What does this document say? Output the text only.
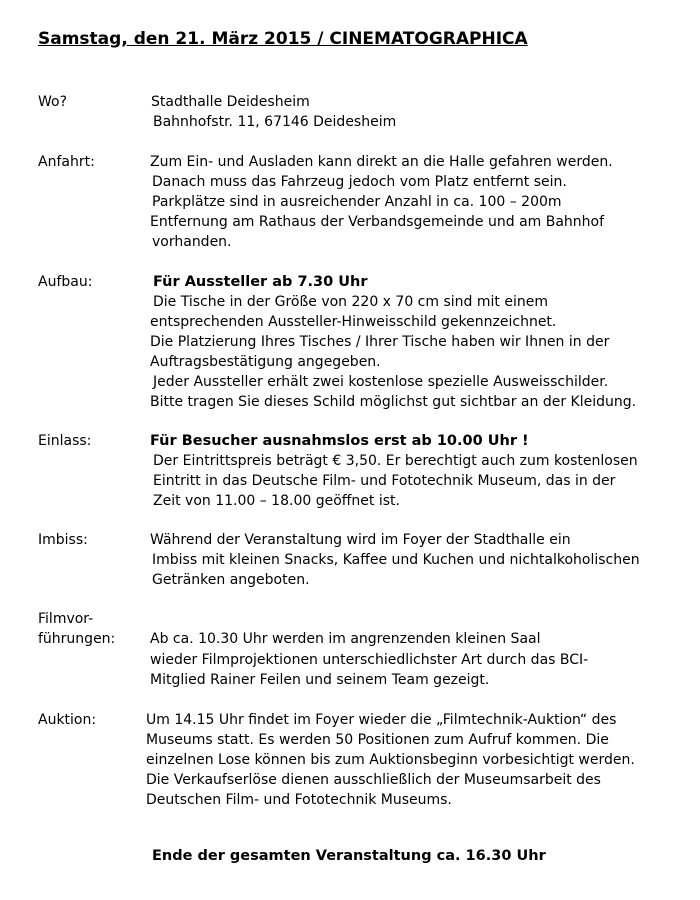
Samstag, den 21. März 2015 / CINEMATOGRAPHICA
Wo?	Stadthalle Deidesheim
Bahnhofstr. 11, 67146 Deidesheim
Anfahrt:	Zum Ein- und Ausladen kann direkt an die Halle gefahren werden.
Danach muss das Fahrzeug jedoch vom Platz entfernt sein.
Parkplätze sind in ausreichender Anzahl in ca. 100 – 200m
Entfernung am Rathaus der Verbandsgemeinde und am Bahnhof
vorhanden.
Aufbau:	Für Aussteller ab 7.30 Uhr
Die Tische in der Größe von 220 x 70 cm sind mit einem
entsprechenden Aussteller-Hinweisschild gekennzeichnet.
Die Platzierung Ihres Tisches / Ihrer Tische haben wir Ihnen in der
Auftragsbestätigung angegeben.
Jeder Aussteller erhält zwei kostenlose spezielle Ausweisschilder.
Bitte tragen Sie dieses Schild möglichst gut sichtbar an der Kleidung.
Einlass:	Für Besucher ausnahmslos erst ab 10.00 Uhr !
Der Eintrittspreis beträgt € 3,50. Er berechtigt auch zum kostenlosen
Eintritt in das Deutsche Film- und Fototechnik Museum, das in der
Zeit von 11.00 – 18.00 geöffnet ist.
Imbiss:	Während der Veranstaltung wird im Foyer der Stadthalle ein
Imbiss mit kleinen Snacks, Kaffee und Kuchen und nichtalkoholischen
Getränken angeboten.
Filmvor-
führungen: Ab ca. 10.30 Uhr werden im angrenzenden kleinen Saal
wieder Filmprojektionen unterschiedlichster Art durch das BCI-
Mitglied Rainer Feilen und seinem Team gezeigt.
Auktion:	Um 14.15 Uhr findet im Foyer wieder die „Filmtechnik-Auktion“ des
Museums statt. Es werden 50 Positionen zum Aufruf kommen. Die
einzelnen Lose können bis zum Auktionsbeginn vorbesichtigt werden.
Die Verkaufserlöse dienen ausschließlich der Museumsarbeit des
Deutschen Film- und Fototechnik Museums.
Ende der gesamten Veranstaltung ca. 16.30 Uhr
